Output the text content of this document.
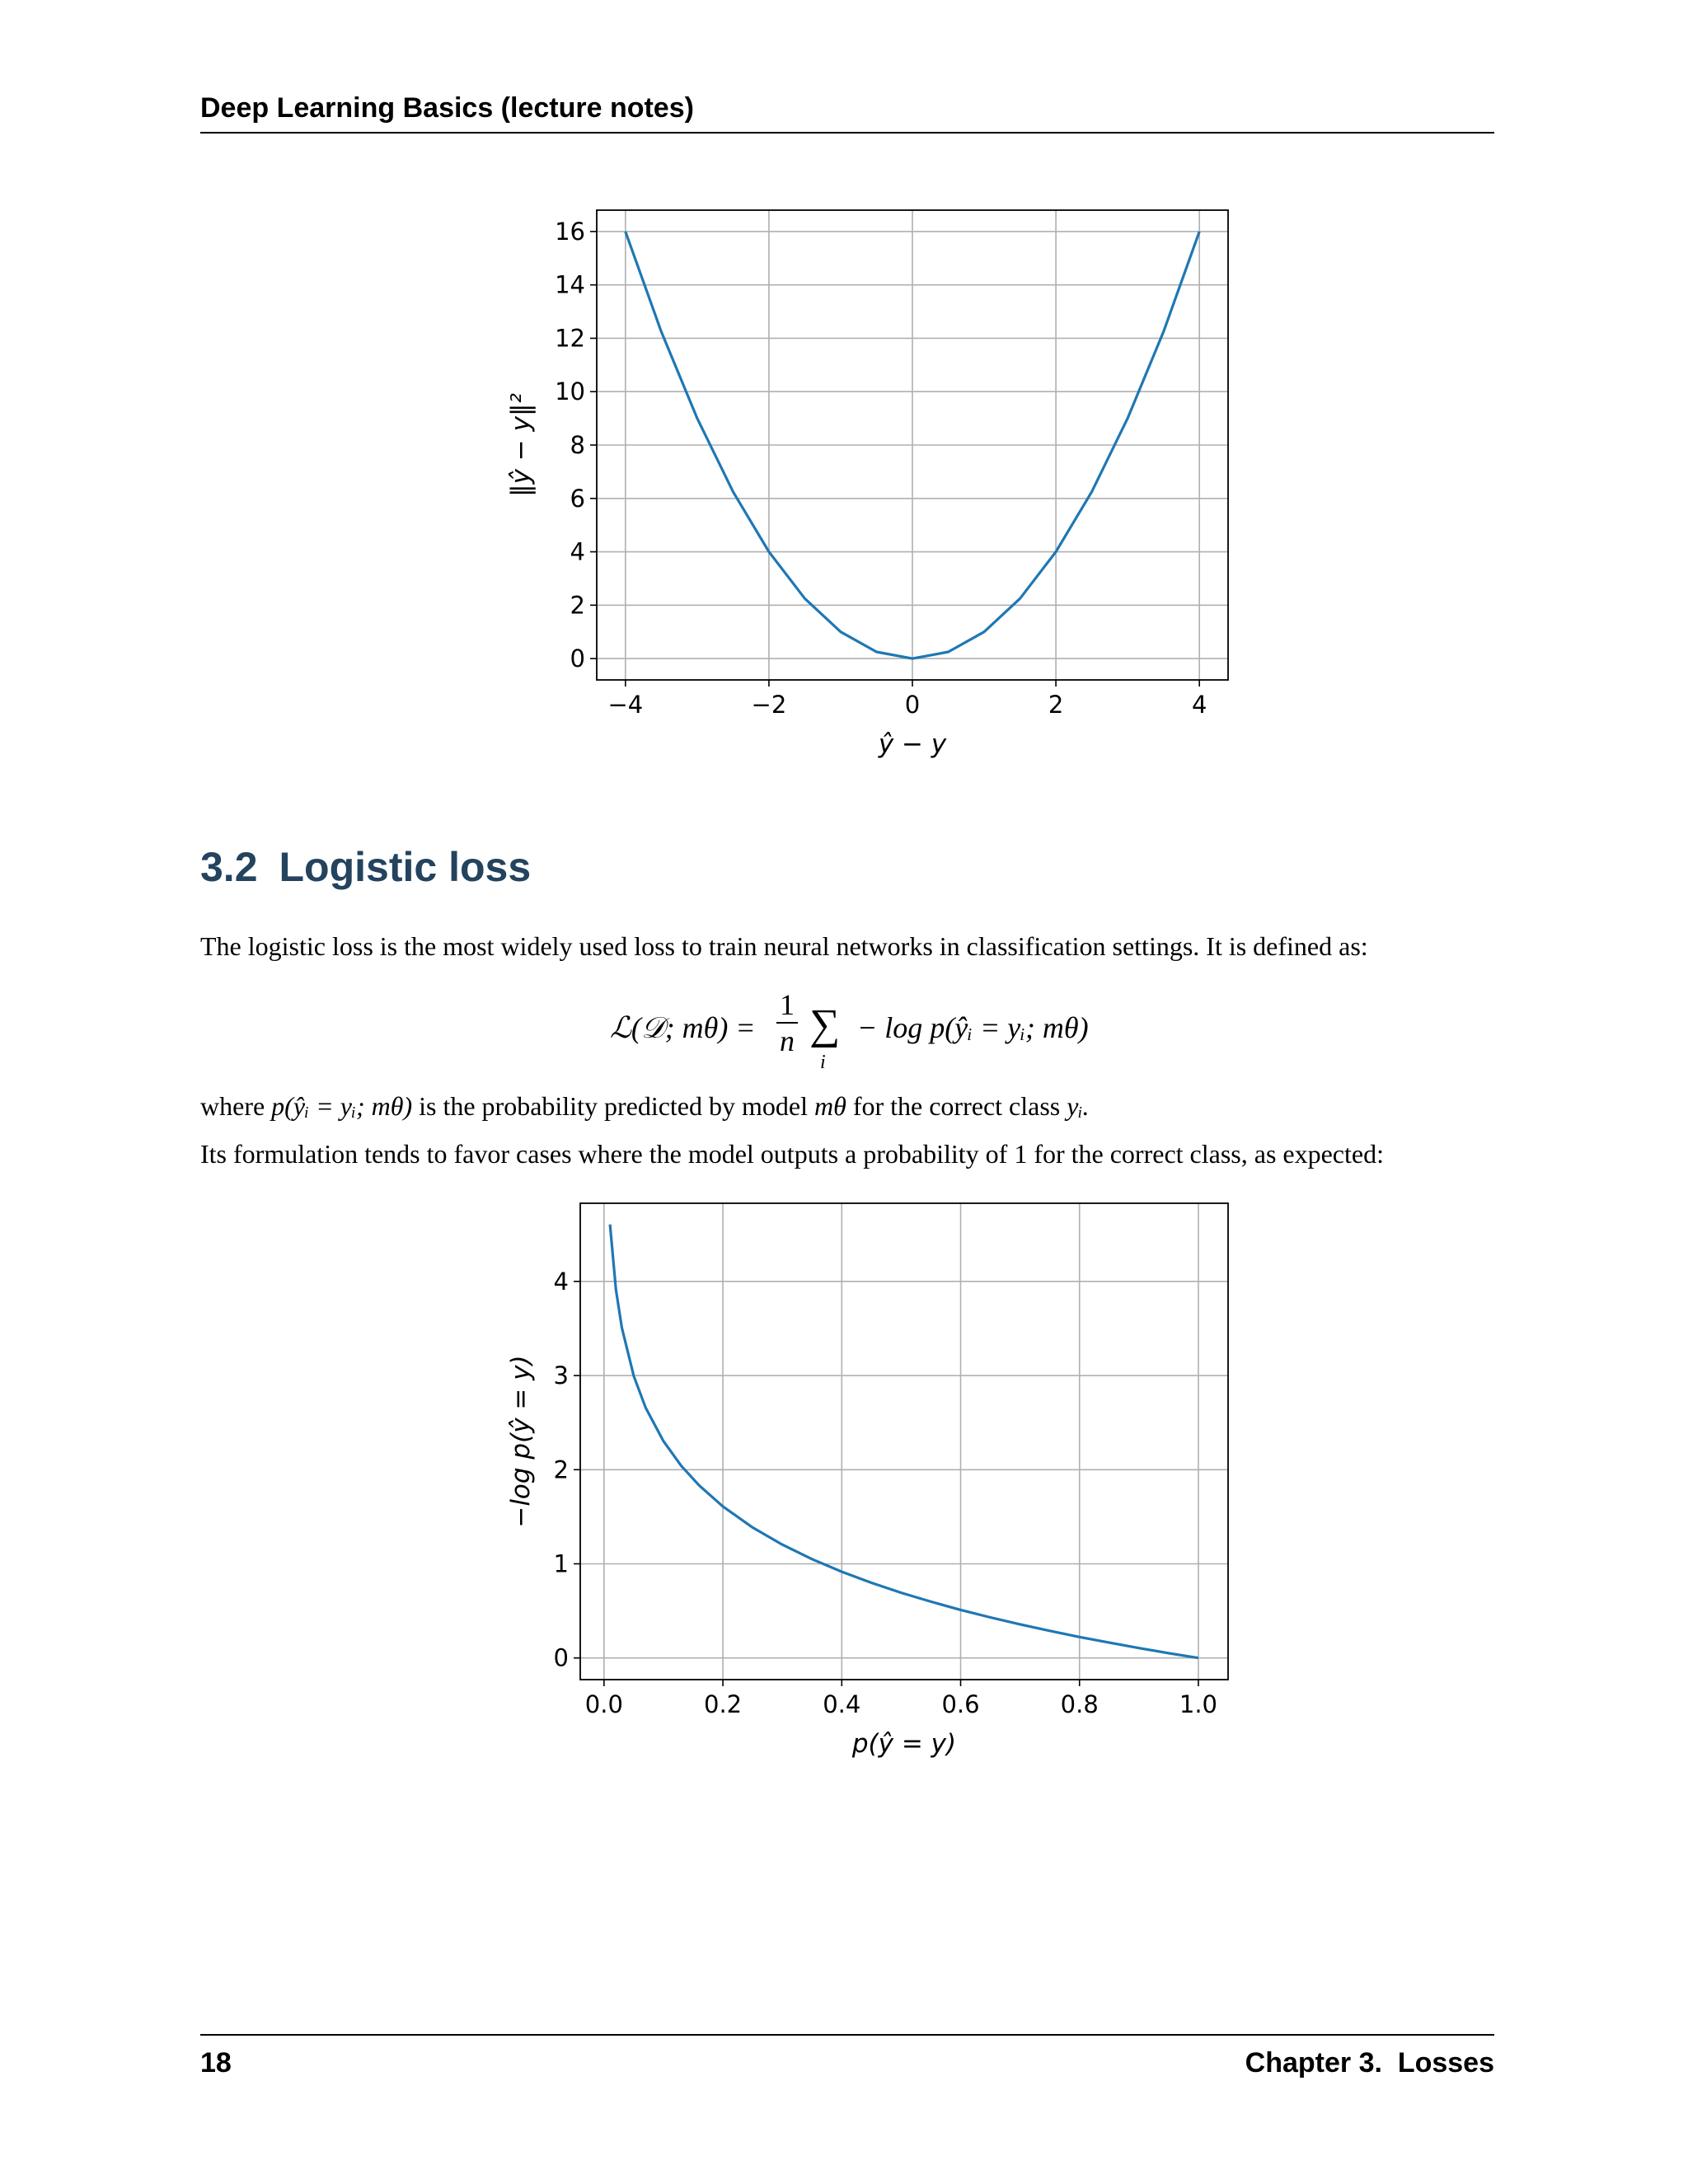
Deep Learning Basics (lecture notes)
−4	−2	0	2	4
0
2
4
6
8
10
12
14
16
ŷ − y
‖ŷ − y‖²
3.2 Logistic loss
The logistic loss is the most widely used loss to train neural networks in classification settings. It is defined as:
ℒ(𝒟; mθ) =
1
n ∑
i
− log p(ŷᵢ = yᵢ; mθ)
where p(ŷᵢ = yᵢ; mθ) is the probability predicted by model mθ for the correct class yᵢ.
Its formulation tends to favor cases where the model outputs a probability of 1 for the correct class, as expected:
0.0	0.2	0.4	0.6	0.8	1.0
0
1
2
3
4
p(ŷ = y)
−log p(ŷ = y)
18	Chapter 3.  Losses
